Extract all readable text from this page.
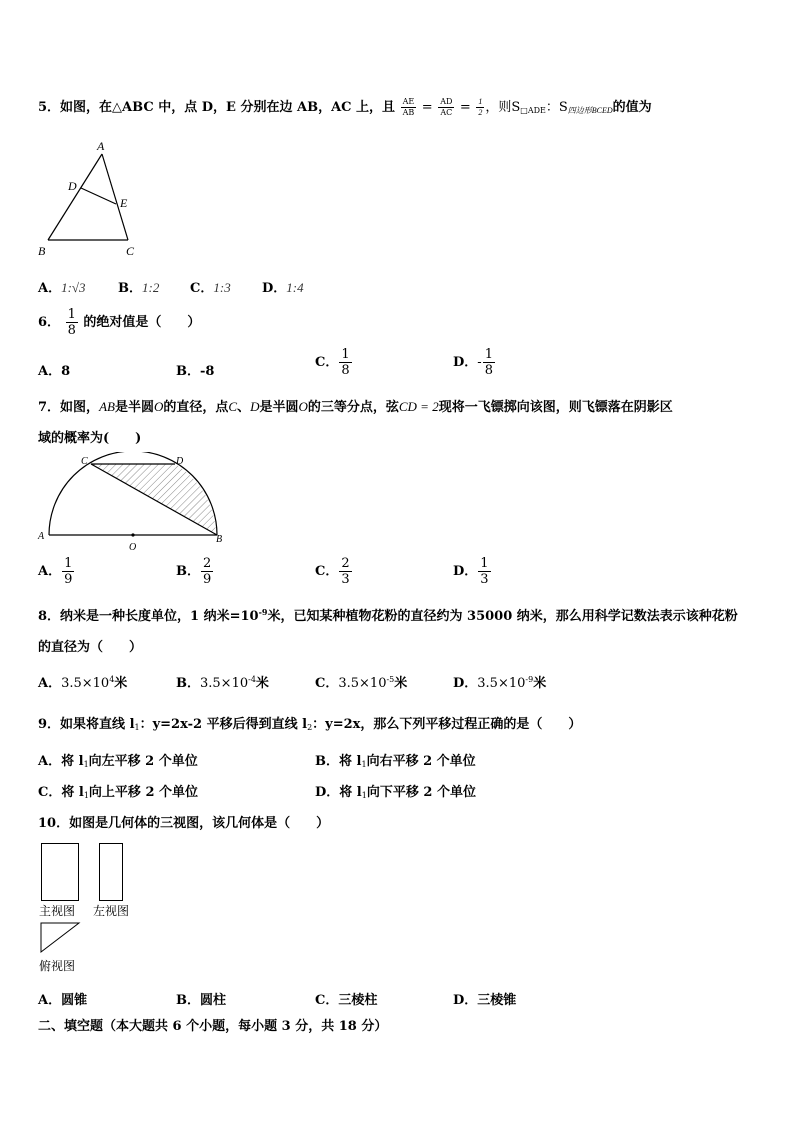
5．如图，在△ABC 中，点 D，E 分别在边 AB，AC 上，且 $\frac{AE}{AB} = \frac{AD}{AC} = \frac{1}{2}$ ，则$S_{□ADE}$：$S_{四边形BCED}$的值为
A
D
E
B	C
A．1:√3 B．1:2 C．1:3 D．1:4
6． $\frac{1}{8}$ 的绝对值是（　　）
A．8	B．-8
C． $\frac{1}{8}$	D．- $\frac{1}{8}$
7．如图，AB是半圆O的直径，点C、D是半圆O的三等分点，弦CD = 2现将一飞镖掷向该图，则飞镖落在阴影区
域的概率为(　　)
C	D
A	B
O
A． $\frac{1}{9}$	B． $\frac{2}{9}$	C． $\frac{2}{3}$	D． $\frac{1}{3}$
8．纳米是一种长度单位，1 纳米$=10^{-9}$米，已知某种植物花粉的直径约为 35000 纳米，那么用科学记数法表示该种花粉
的直径为（　　）
A．$3.5\times 10^4$米	B．$3.5\times 10^{-4}$米	C．$3.5\times 10^{-5}$米	D．$3.5\times 10^{-9}$米
9．如果将直线 $l_1$：y=2x-2 平移后得到直线 $l_2$：y=2x，那么下列平移过程正确的是（　　）
A．将 $l_1$向左平移 2 个单位	B．将 $l_1$向右平移 2 个单位
C．将 $l_1$向上平移 2 个单位	D．将 $l_1$向下平移 2 个单位
10．如图是几何体的三视图，该几何体是（　　）
主视图 左视图
俯视图
A．圆锥	B．圆柱	C．三棱柱	D．三棱锥
二、填空题（本大题共 6 个小题，每小题 3 分，共 18 分）
